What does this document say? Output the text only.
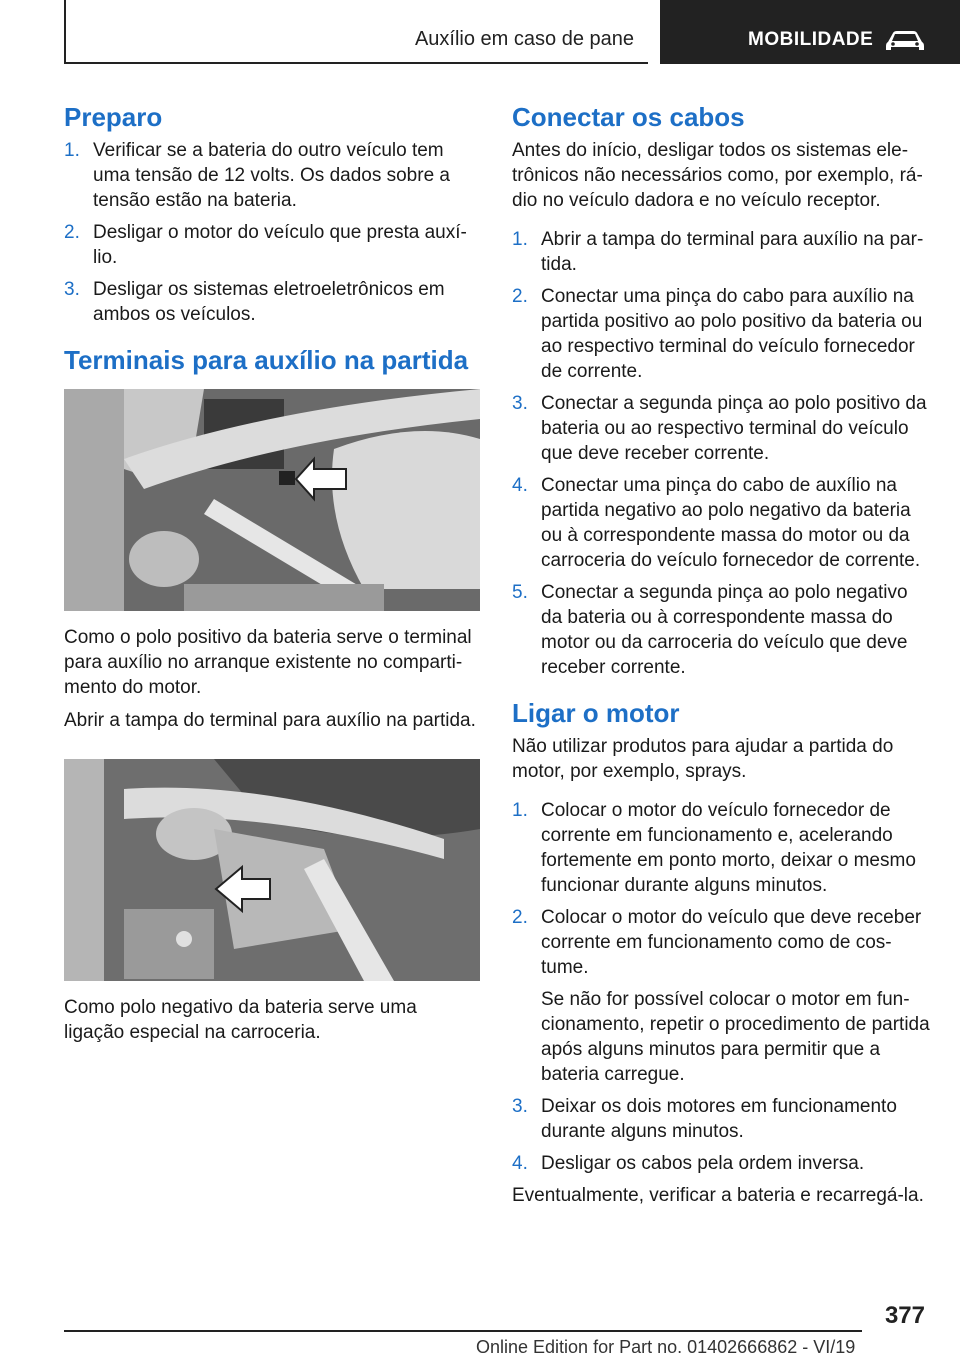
Auxílio em caso de pane	MOBILIDADE
Preparo
1. Verificar se a bateria do outro veículo tem uma tensão de 12 volts. Os dados sobre a tensão estão na bateria.
2. Desligar o motor do veículo que presta auxílio.
3. Desligar os sistemas eletroeletrônicos em ambos os veículos.
Terminais para auxílio na partida

Como o polo positivo da bateria serve o terminal para auxílio no arranque existente no compartimento do motor.

Abrir a tampa do terminal para auxílio na partida.

Como polo negativo da bateria serve uma ligação especial na carroceria.

Conectar os cabos

Antes do início, desligar todos os sistemas eletrônicos não necessários como, por exemplo, rádio no veículo dadora e no veículo receptor.

1. Abrir a tampa do terminal para auxílio na partida.
2. Conectar uma pinça do cabo para auxílio na partida positivo ao polo positivo da bateria ou ao respectivo terminal do veículo fornecedor de corrente.
3. Conectar a segunda pinça ao polo positivo da bateria ou ao respectivo terminal do veículo que deve receber corrente.
4. Conectar uma pinça do cabo de auxílio na partida negativo ao polo negativo da bateria ou à correspondente massa do motor ou da carroceria do veículo fornecedor de corrente.
5. Conectar a segunda pinça ao polo negativo da bateria ou à correspondente massa do motor ou da carroceria do veículo que deve receber corrente.
Ligar o motor

Não utilizar produtos para ajudar a partida do motor, por exemplo, sprays.

1. Colocar o motor do veículo fornecedor de corrente em funcionamento e, acelerando fortemente em ponto morto, deixar o mesmo funcionar durante alguns minutos.
2. Colocar o motor do veículo que deve receber corrente em funcionamento como de costume.
Se não for possível colocar o motor em funcionamento, repetir o procedimento de partida após alguns minutos para permitir que a bateria carregue.
3. Deixar os dois motores em funcionamento durante alguns minutos.
4. Desligar os cabos pela ordem inversa.

Eventualmente, verificar a bateria e recarregá-la.

377
Online Edition for Part no. 01402666862 - VI/19
